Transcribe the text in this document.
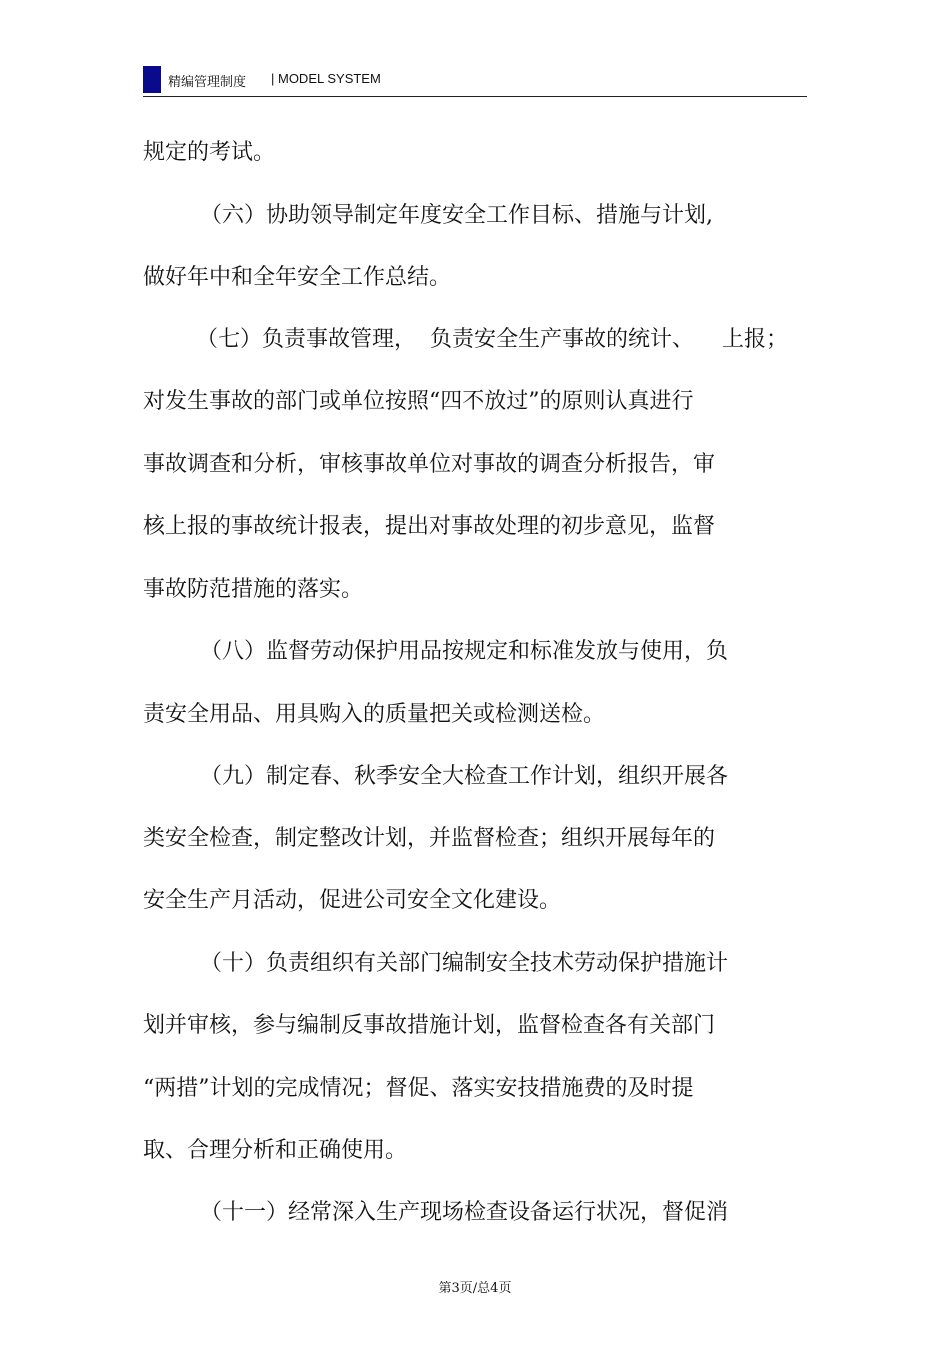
精编管理制度 | MODEL SYSTEM
规定的考试。
（六）协助领导制定年度安全工作目标、措施与计划,
做好年中和全年安全工作总结。
（七）负责事故管理，  负责安全生产事故的统计、    上报；
对发生事故的部门或单位按照“四不放过”的原则认真进行
事故调查和分析，审核事故单位对事故的调查分析报告，审
核上报的事故统计报表，提出对事故处理的初步意见，监督
事故防范措施的落实。
（八）监督劳动保护用品按规定和标准发放与使用，负
责安全用品、用具购入的质量把关或检测送检。
（九）制定春、秋季安全大检查工作计划，组织开展各
类安全检查，制定整改计划，并监督检查；组织开展每年的
安全生产月活动，促进公司安全文化建设。
（十）负责组织有关部门编制安全技术劳动保护措施计
划并审核，参与编制反事故措施计划，监督检查各有关部门
“两措”计划的完成情况；督促、落实安技措施费的及时提
取、合理分析和正确使用。
（十一）经常深入生产现场检查设备运行状况，督促消
第3页/总4页
